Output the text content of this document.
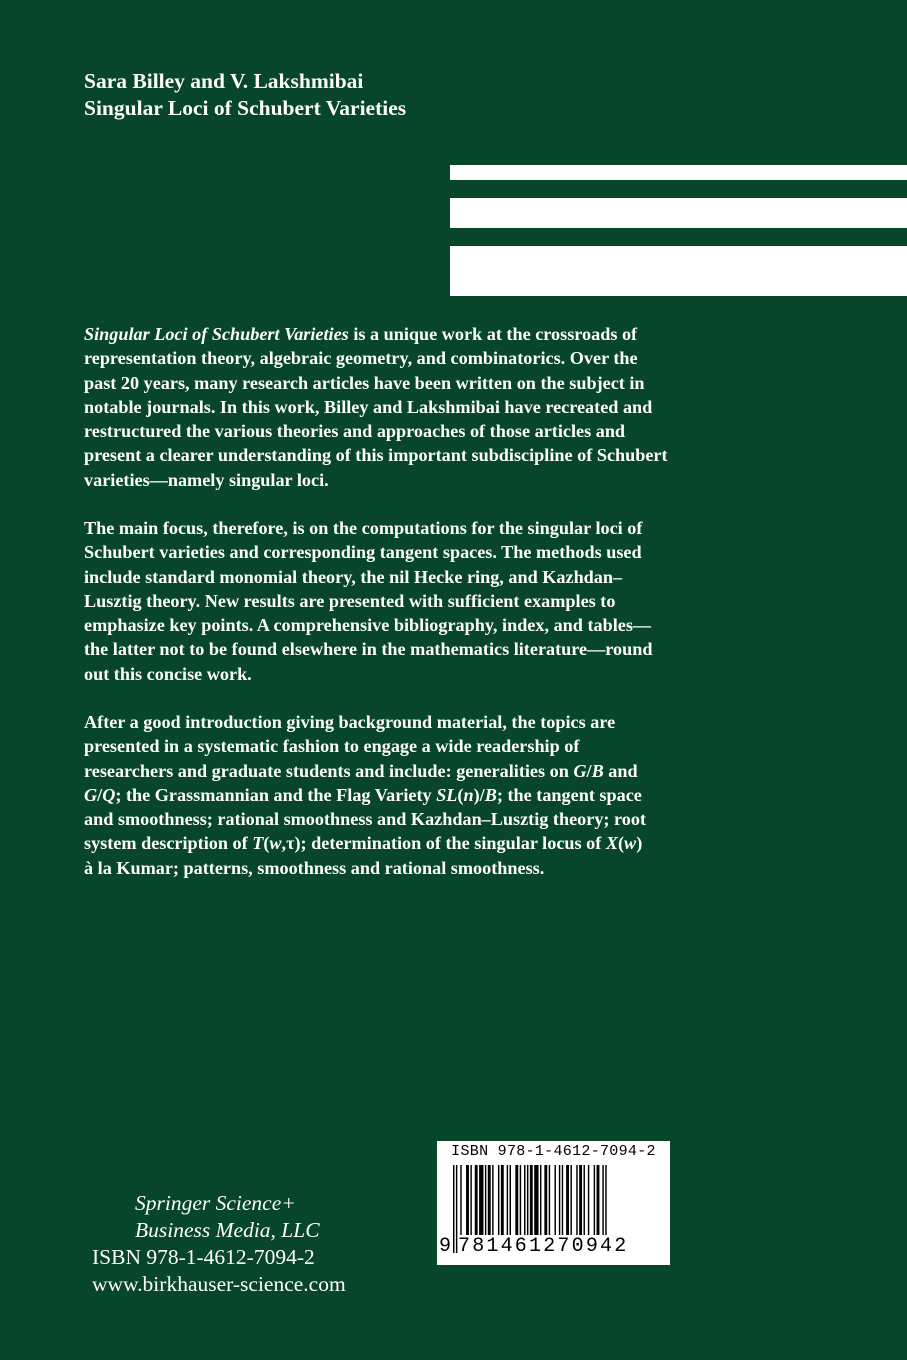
Sara Billey and V. Lakshmibai
Singular Loci of Schubert Varieties
Singular Loci of Schubert Varieties is a unique work at the crossroads of
representation theory, algebraic geometry, and combinatorics. Over the
past 20 years, many research articles have been written on the subject in
notable journals. In this work, Billey and Lakshmibai have recreated and
restructured the various theories and approaches of those articles and
present a clearer understanding of this important subdiscipline of Schubert
varieties—namely singular loci.
The main focus, therefore, is on the computations for the singular loci of
Schubert varieties and corresponding tangent spaces. The methods used
include standard monomial theory, the nil Hecke ring, and Kazhdan–
Lusztig theory. New results are presented with sufficient examples to
emphasize key points. A comprehensive bibliography, index, and tables—
the latter not to be found elsewhere in the mathematics literature—round
out this concise work.
After a good introduction giving background material, the topics are
presented in a systematic fashion to engage a wide readership of
researchers and graduate students and include: generalities on G/B and
G/Q; the Grassmannian and the Flag Variety SL(n)/B; the tangent space
and smoothness; rational smoothness and Kazhdan–Lusztig theory; root
system description of T(w,τ); determination of the singular locus of X(w)
à la Kumar; patterns, smoothness and rational smoothness.
Springer Science+
Business Media, LLC
ISBN 978-1-4612-7094-2
www.birkhauser-science.com
ISBN 978-1-4612-7094-2
9 781461270942
